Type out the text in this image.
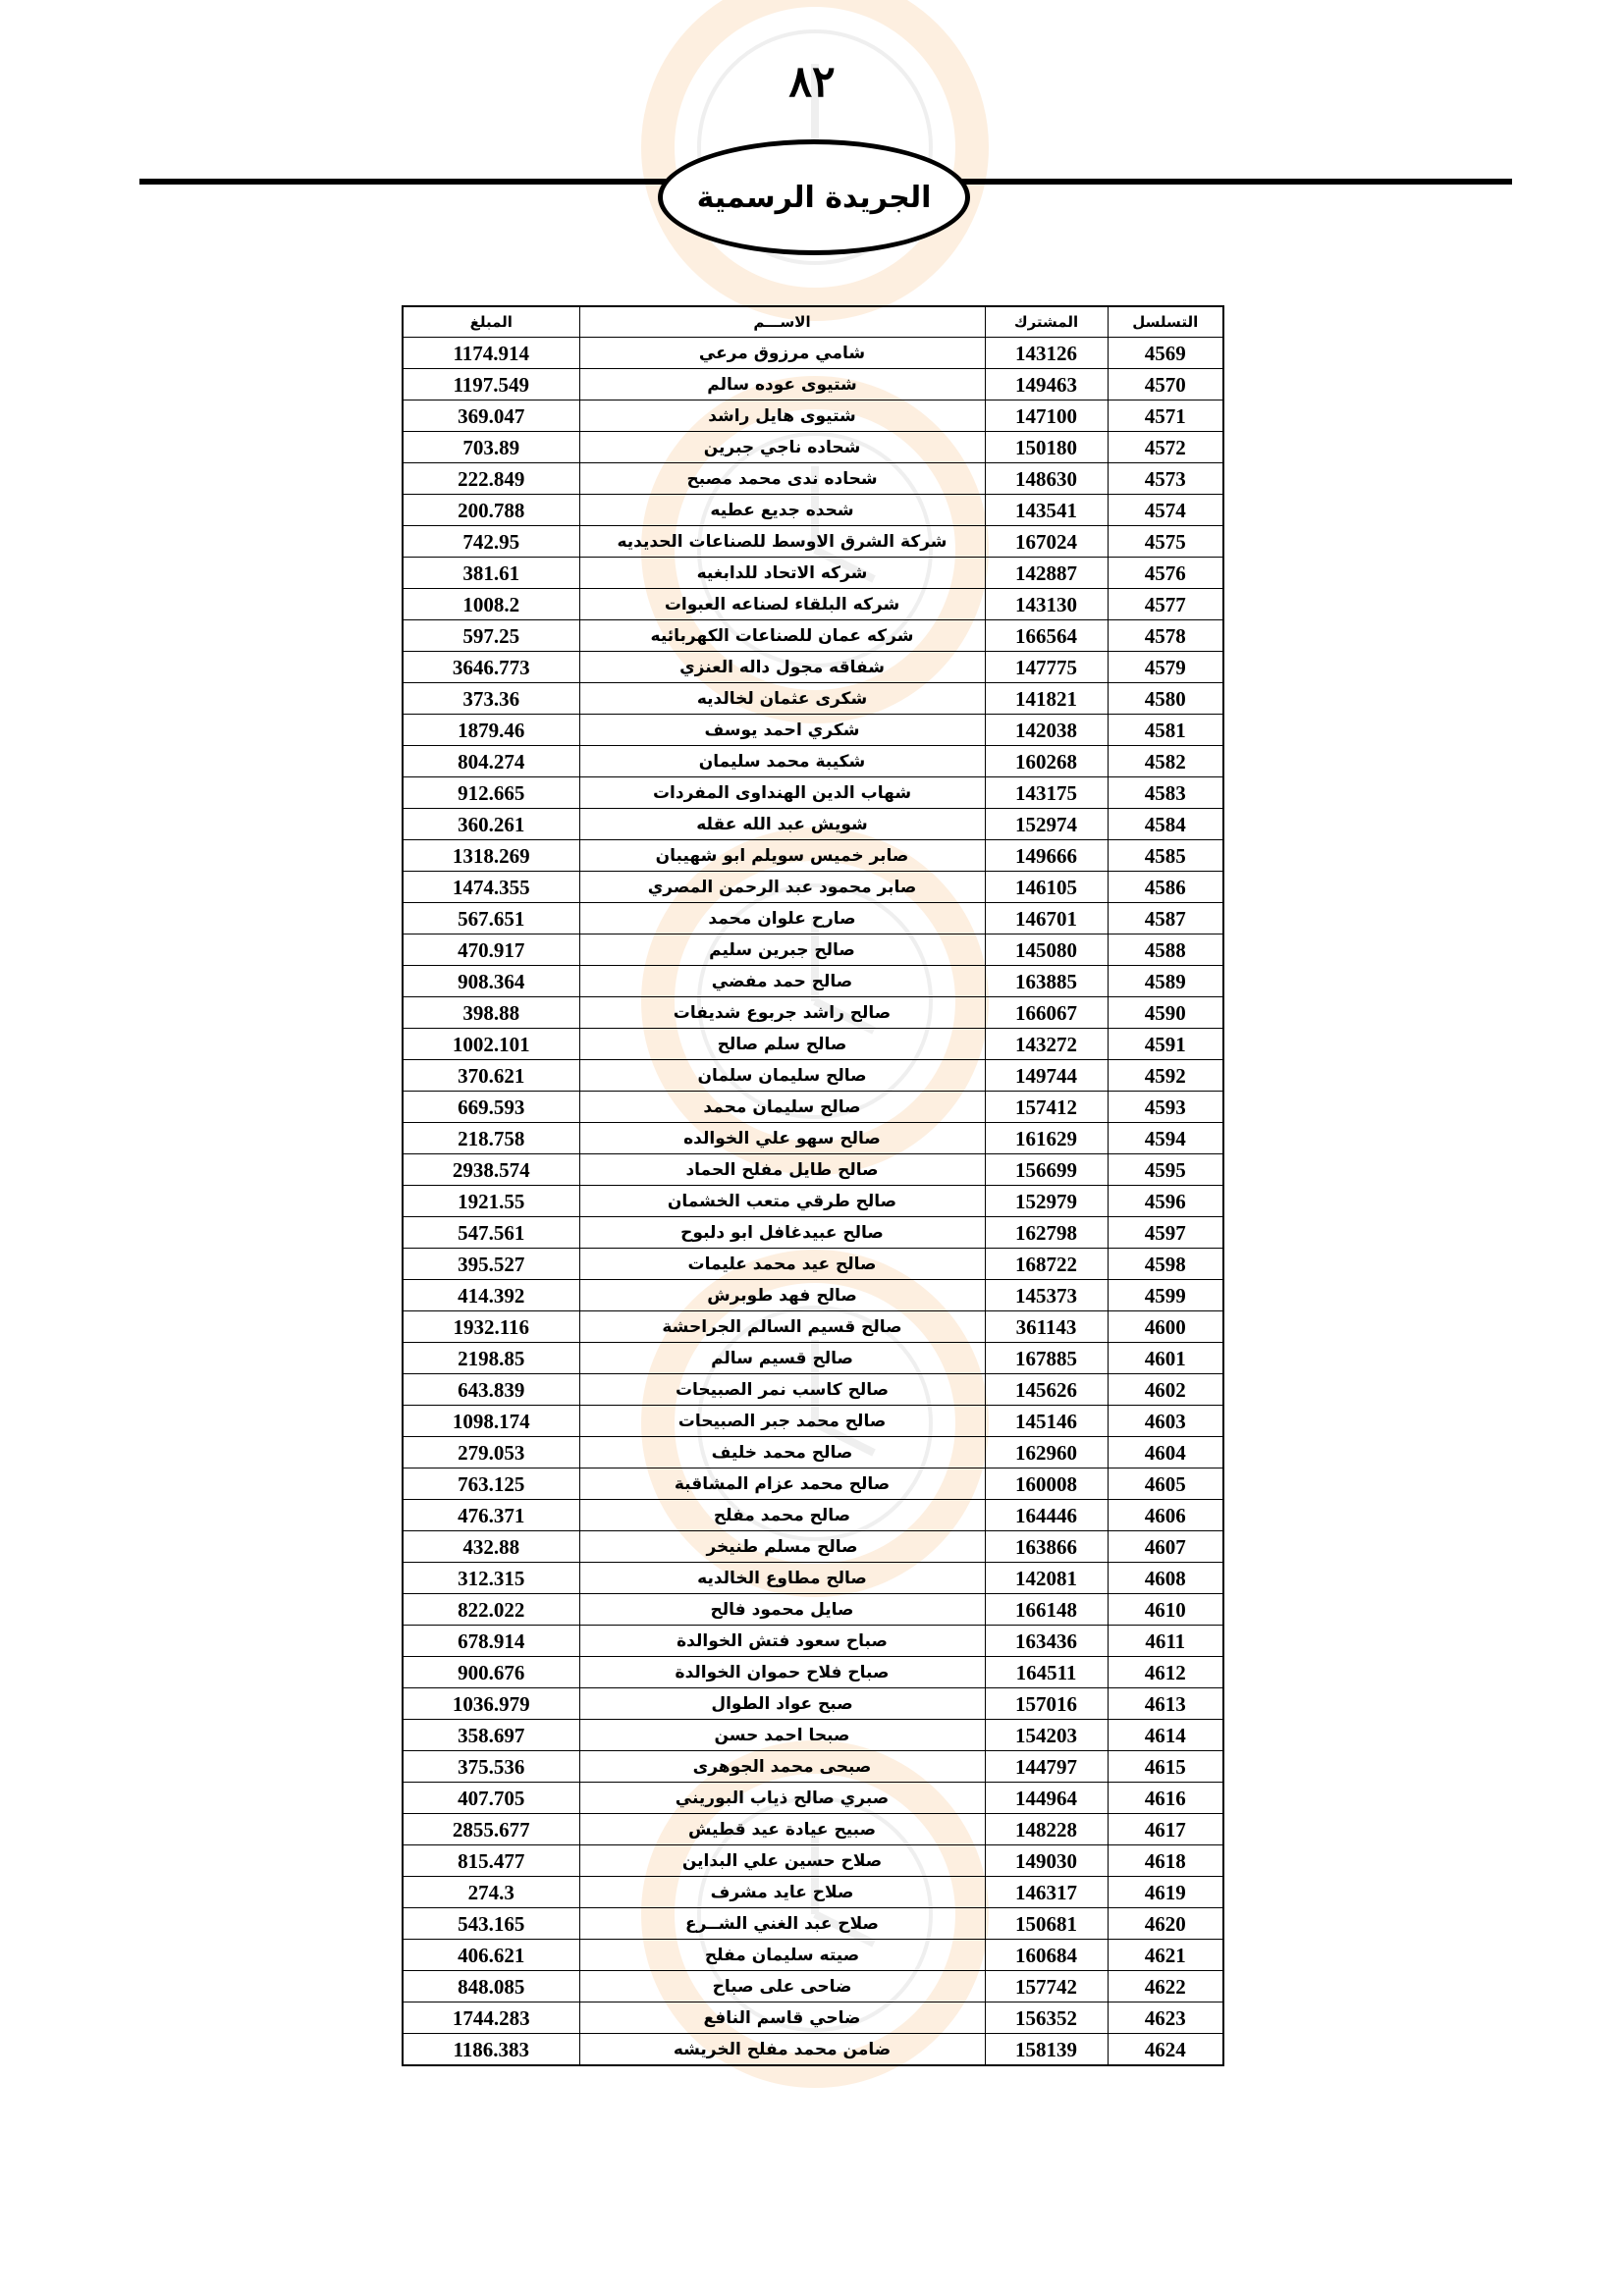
٨٢
الجريدة الرسمية
التسلسل	المشترك	الاســـم	المبلغ
4569	143126	شامي مرزوق مرعي	1174.914
4570	149463	شتيوى عوده سالم	1197.549
4571	147100	شتيوى هايل راشد	369.047
4572	150180	شحاده ناجي جبرين	703.89
4573	148630	شحاده ندى محمد مصبح	222.849
4574	143541	شحده جديع عطيه	200.788
4575	167024	شركة الشرق الاوسط للصناعات الحديديه	742.95
4576	142887	شركه الاتحاد للدابغيه	381.61
4577	143130	شركه البلقاء لصناعه العبوات	1008.2
4578	166564	شركه عمان للصناعات الكهربائيه	597.25
4579	147775	شفاقه مجول داله العنزي	3646.773
4580	141821	شكرى عثمان لخالديه	373.36
4581	142038	شكري احمد يوسف	1879.46
4582	160268	شكيبة محمد سليمان	804.274
4583	143175	شهاب الدين الهنداوى المفردات	912.665
4584	152974	شويش عبد الله عقله	360.261
4585	149666	صابر خميس سويلم ابو شهيبان	1318.269
4586	146105	صابر محمود عبد الرحمن المصري	1474.355
4587	146701	صارح علوان محمد	567.651
4588	145080	صالح جبرين سليم	470.917
4589	163885	صالح حمد مفضي	908.364
4590	166067	صالح راشد جربوع شديفات	398.88
4591	143272	صالح سلم صالح	1002.101
4592	149744	صالح سليمان سلمان	370.621
4593	157412	صالح سليمان محمد	669.593
4594	161629	صالح سهو علي الخوالده	218.758
4595	156699	صالح طايل مفلح الحماد	2938.574
4596	152979	صالح طرقي متعب الخشمان	1921.55
4597	162798	صالح عبيدغافل ابو دلبوح	547.561
4598	168722	صالح عيد محمد عليمات	395.527
4599	145373	صالح فهد طوبرش	414.392
4600	361143	صالح قسيم السالم الجراحشة	1932.116
4601	167885	صالح قسيم سالم	2198.85
4602	145626	صالح كاسب نمر الصبيحات	643.839
4603	145146	صالح محمد جبر الصبيحات	1098.174
4604	162960	صالح محمد خليف	279.053
4605	160008	صالح محمد عزام المشاقبة	763.125
4606	164446	صالح محمد مفلح	476.371
4607	163866	صالح مسلم طنيخر	432.88
4608	142081	صالح مطاوع الخالديه	312.315
4610	166148	صايل محمود فالح	822.022
4611	163436	صباح سعود فتش الخوالدة	678.914
4612	164511	صباح فلاح حموان الخوالدة	900.676
4613	157016	صبح عواد الطوال	1036.979
4614	154203	صبحا احمد حسن	358.697
4615	144797	صبحى محمد الجوهرى	375.536
4616	144964	صبري صالح ذياب البوريني	407.705
4617	148228	صبيح عيادة عيد قطيش	2855.677
4618	149030	صلاح حسين علي البداين	815.477
4619	146317	صلاح عايد مشرف	274.3
4620	150681	صلاح عبد الغني الشــرع	543.165
4621	160684	صيته سليمان مفلح	406.621
4622	157742	ضاحى على صباح	848.085
4623	156352	ضاحي قاسم النافع	1744.283
4624	158139	ضامن محمد مفلح الخريشه	1186.383
